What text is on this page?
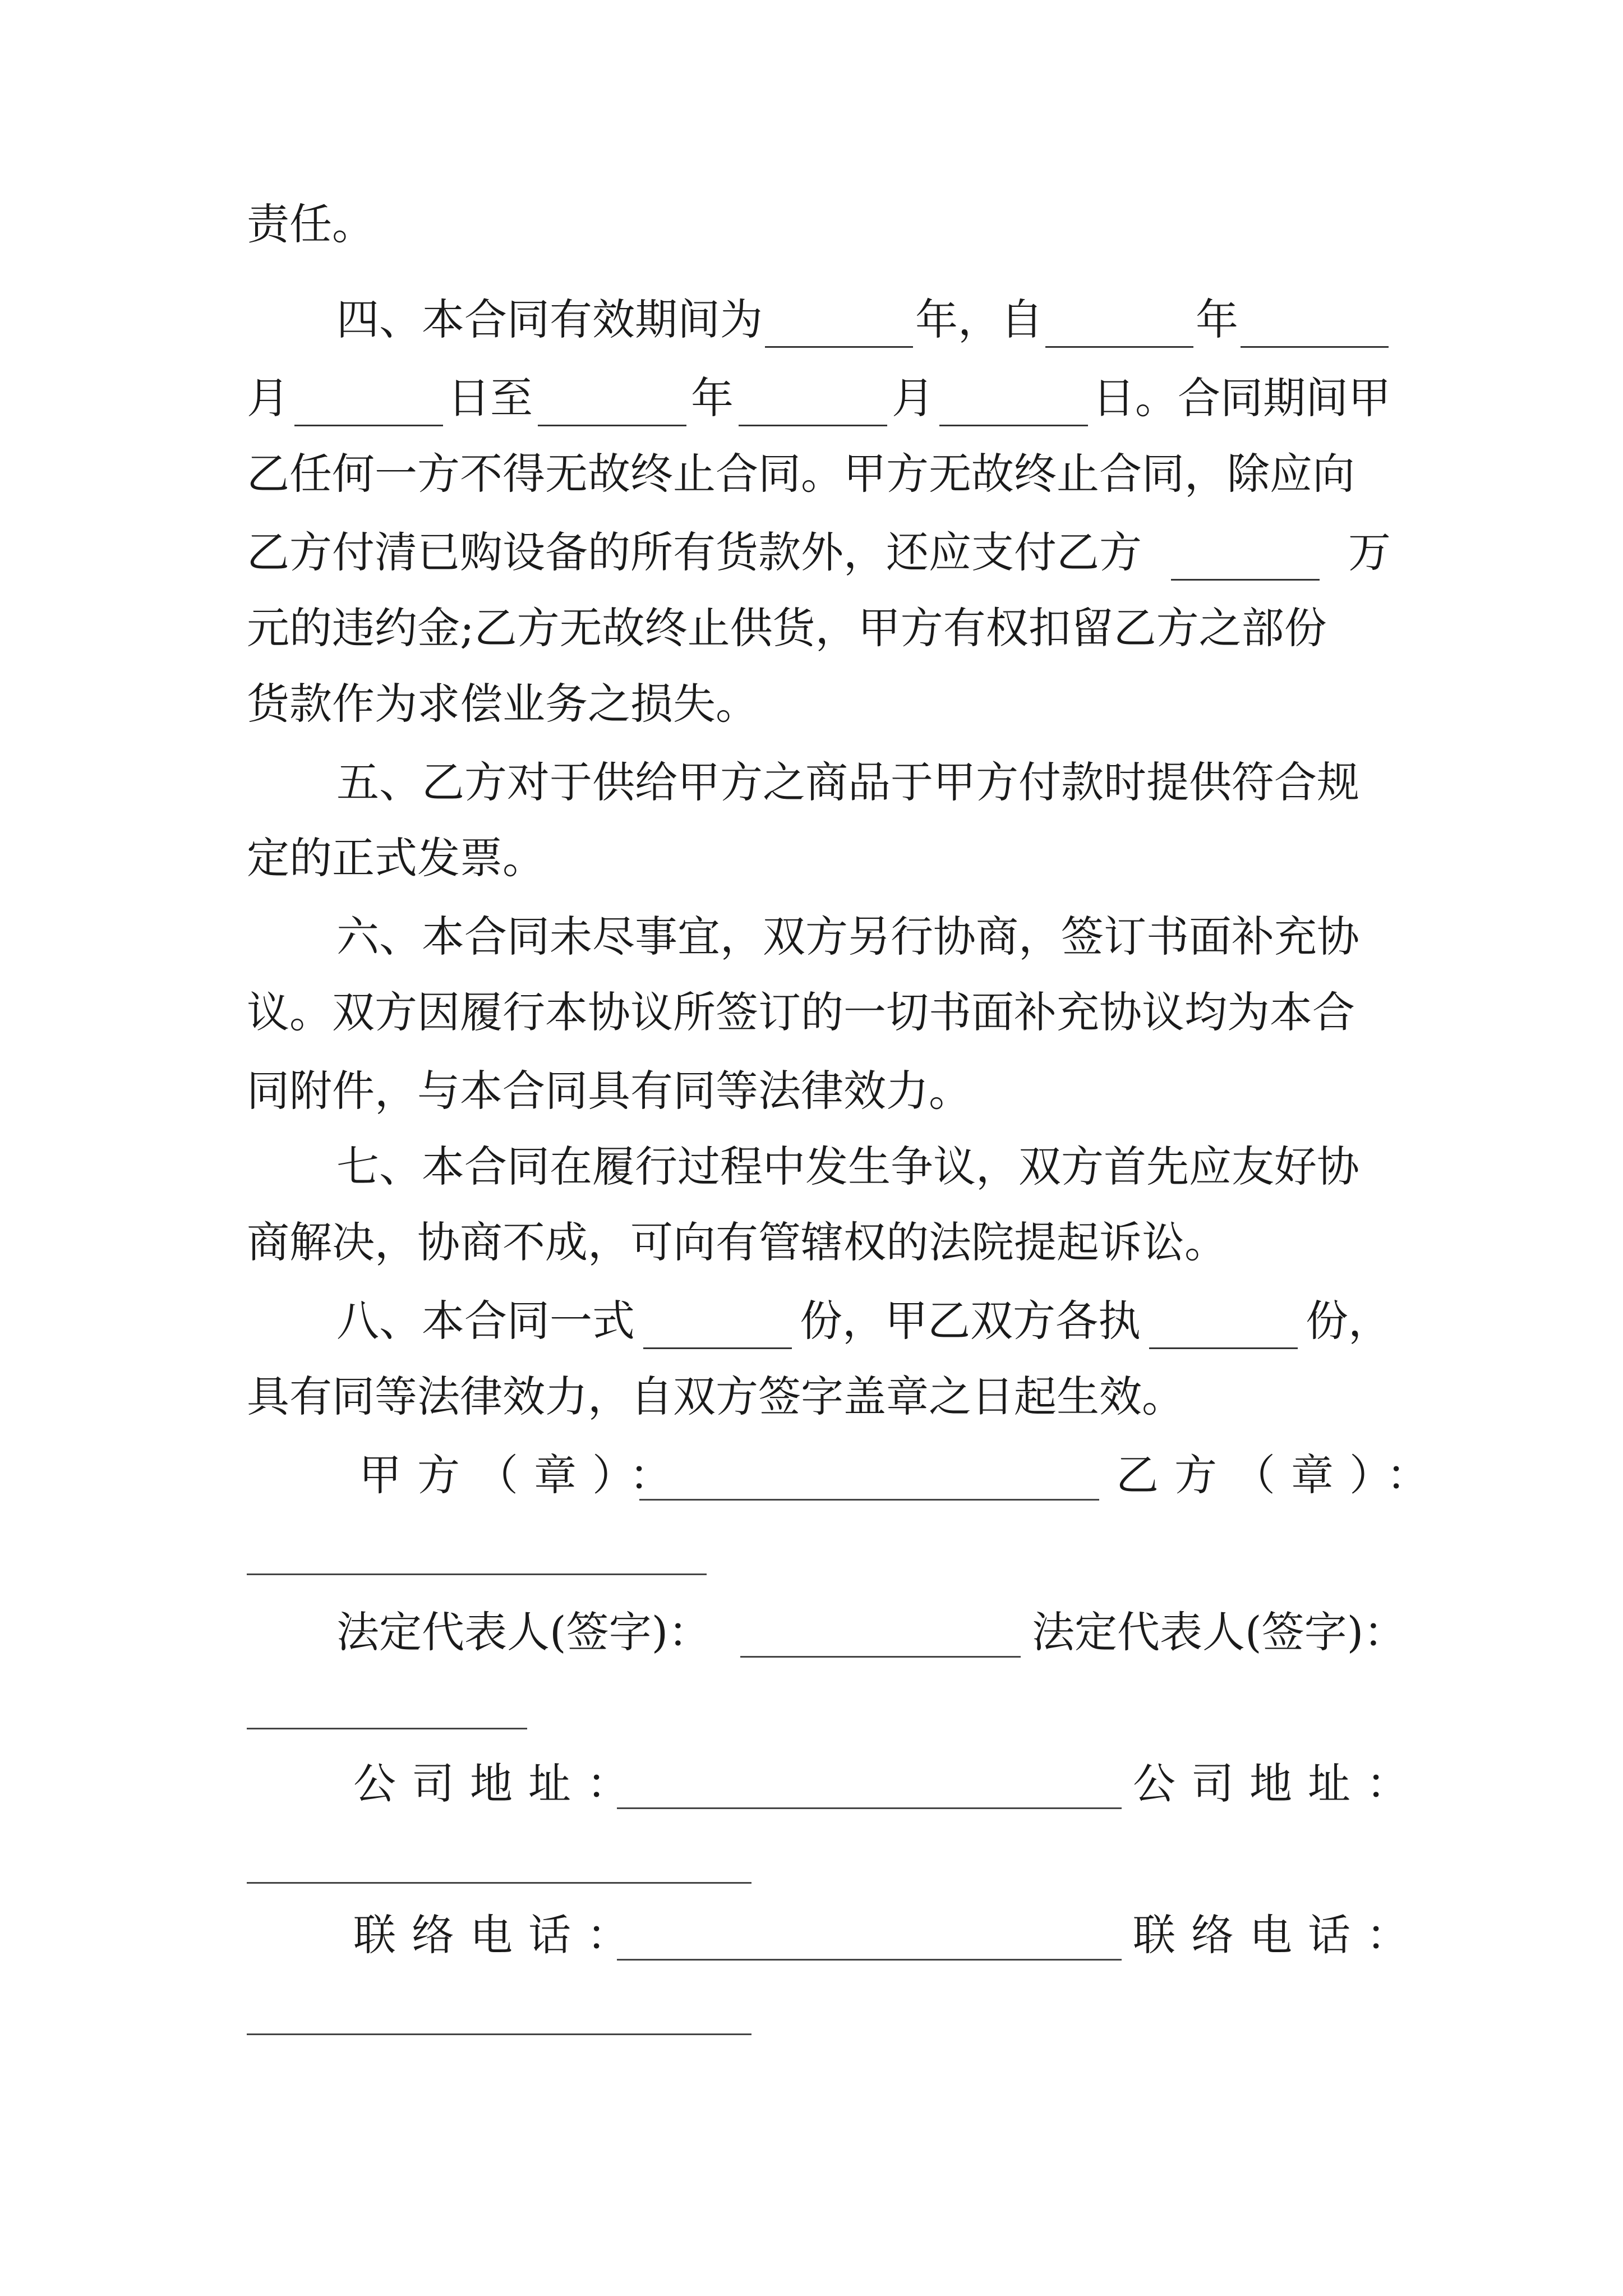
责任。
四、本合同有效期间为	年，自	年
月	日至	年	月	日。合同期间甲
乙任何一方不得无故终止合同。甲方无故终止合同，除应向
乙方付清已购设备的所有货款外，还应支付乙方	万
元的违约金;乙方无故终止供货，甲方有权扣留乙方之部份
货款作为求偿业务之损失。
五、乙方对于供给甲方之商品于甲方付款时提供符合规
定的正式发票。
六、本合同未尽事宜，双方另行协商，签订书面补充协
议。双方因履行本协议所签订的一切书面补充协议均为本合
同附件，与本合同具有同等法律效力。
七、本合同在履行过程中发生争议，双方首先应友好协
商解决，协商不成，可向有管辖权的法院提起诉讼。
八、本合同一式	份，甲乙双方各执	份，
具有同等法律效力，自双方签字盖章之日起生效。
甲方（章）：	乙方（章）：
法定代表人(签字)：	法定代表人(签字)：
公司地址：	公司地址：
联络电话：	联络电话：
